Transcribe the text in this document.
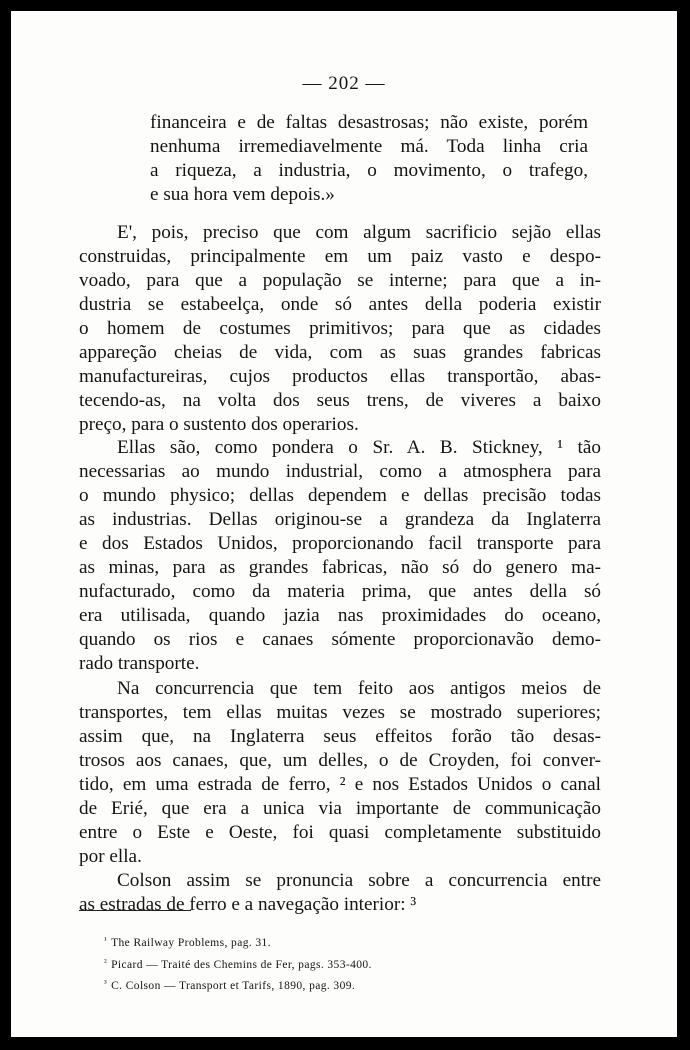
— 202 —
financeira e de faltas desastrosas; não existe, porém
nenhuma irremediavelmente má. Toda linha cria
a riqueza, a industria, o movimento, o trafego,
e sua hora vem depois.»
E', pois, preciso que com algum sacrificio sejão ellas
construidas, principalmente em um paiz vasto e despo-
voado, para que a população se interne; para que a in-
dustria se estabeelça, onde só antes della poderia existir
o homem de costumes primitivos; para que as cidades
appareção cheias de vida, com as suas grandes fabricas
manufactureiras, cujos productos ellas transportão, abas-
tecendo-as, na volta dos seus trens, de viveres a baixo
preço, para o sustento dos operarios.
Ellas são, como pondera o Sr. A. B. Stickney, ¹ tão
necessarias ao mundo industrial, como a atmosphera para
o mundo physico; dellas dependem e dellas precisão todas
as industrias. Dellas originou-se a grandeza da Inglaterra
e dos Estados Unidos, proporcionando facil transporte para
as minas, para as grandes fabricas, não só do genero ma-
nufacturado, como da materia prima, que antes della só
era utilisada, quando jazia nas proximidades do oceano,
quando os rios e canaes sómente proporcionavão demo-
rado transporte.
Na concurrencia que tem feito aos antigos meios de
transportes, tem ellas muitas vezes se mostrado superiores;
assim que, na Inglaterra seus effeitos forão tão desas-
trosos aos canaes, que, um delles, o de Croyden, foi conver-
tido, em uma estrada de ferro, ² e nos Estados Unidos o canal
de Erié, que era a unica via importante de communicação
entre o Este e Oeste, foi quasi completamente substituido
por ella.
Colson assim se pronuncia sobre a concurrencia entre
as estradas de ferro e a navegação interior: ³
$^{^1}$ The Railway Problems, pag. 31.
$^{^2}$ Picard — Traité des Chemins de Fer, pags. 353-400.
$^{^3}$ C. Colson — Transport et Tarifs, 1890, pag. 309.
